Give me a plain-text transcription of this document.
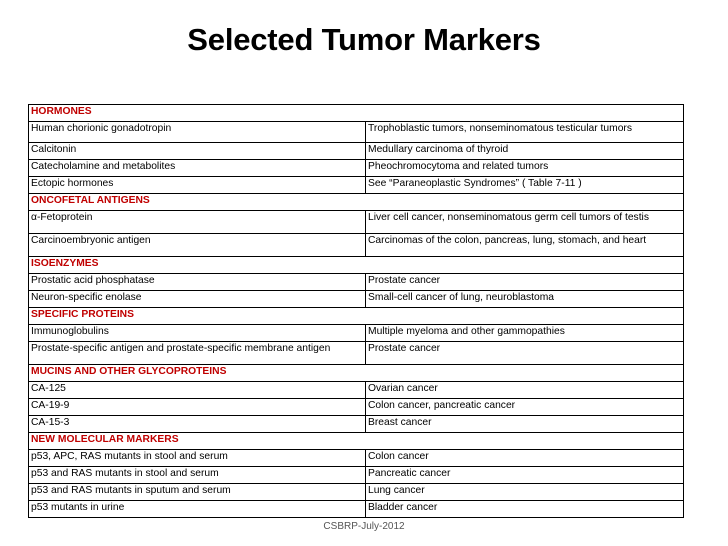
Selected Tumor Markers
HORMONES	
Human chorionic gonadotropin	Trophoblastic tumors, nonseminomatous testicular tumors
Calcitonin	Medullary carcinoma of thyroid
Catecholamine and metabolites	Pheochromocytoma and related tumors
Ectopic hormones	See “Paraneoplastic Syndromes” ( Table 7-11 )
ONCOFETAL ANTIGENS	
α-Fetoprotein	Liver cell cancer, nonseminomatous germ cell tumors of testis
Carcinoembryonic antigen	Carcinomas of the colon, pancreas, lung, stomach, and heart
ISOENZYMES	
Prostatic acid phosphatase	Prostate cancer
Neuron-specific enolase	Small-cell cancer of lung, neuroblastoma
SPECIFIC PROTEINS	
Immunoglobulins	Multiple myeloma and other gammopathies
Prostate-specific antigen and prostate-specific membrane antigen	Prostate cancer
MUCINS AND OTHER GLYCOPROTEINS	
CA-125	Ovarian cancer
CA-19-9	Colon cancer, pancreatic cancer
CA-15-3	Breast cancer
NEW MOLECULAR MARKERS	
p53, APC, RAS mutants in stool and serum	Colon cancer
p53 and RAS mutants in stool and serum	Pancreatic cancer
p53 and RAS mutants in sputum and serum	Lung cancer
p53 mutants in urine	Bladder cancer
CSBRP-July-2012
